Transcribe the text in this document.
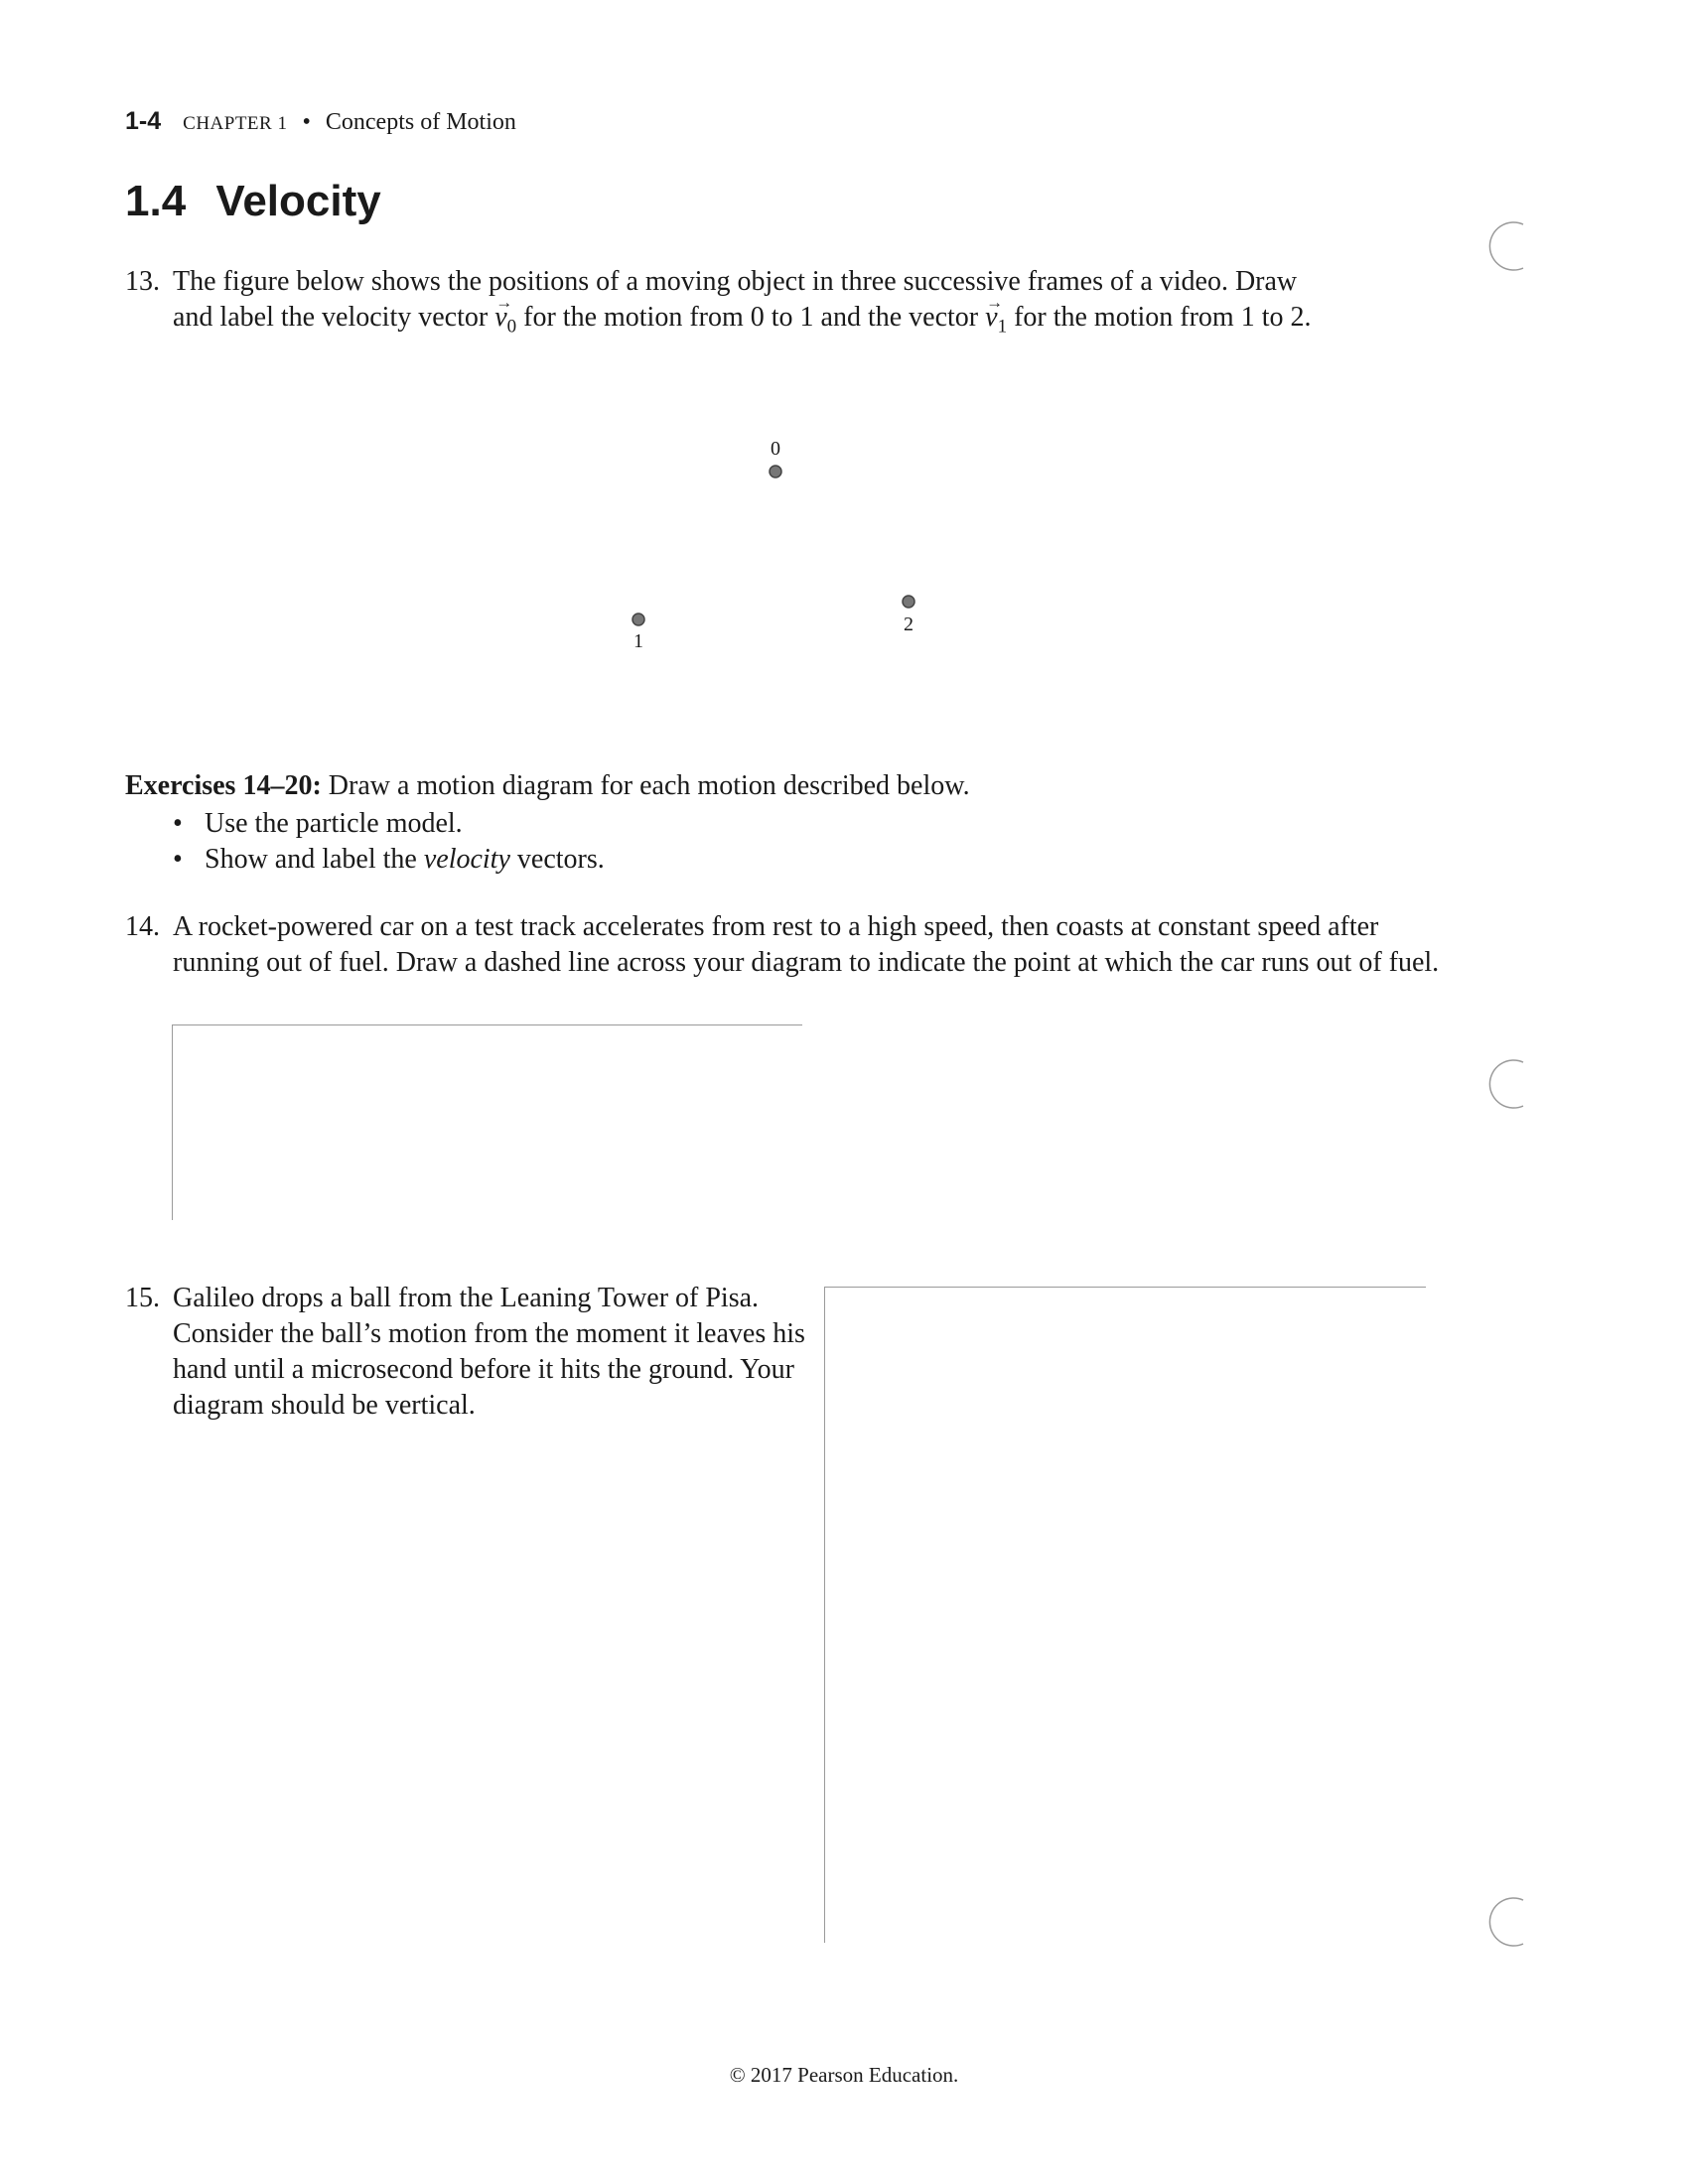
1-4 CHAPTER 1 • Concepts of Motion
1.4 Velocity
13. The figure below shows the positions of a moving object in three successive frames of a video. Draw
and label the velocity vector → $v_0$ for the motion from 0 to 1 and the vector → $v_1$ for the motion from 1 to 2.
0
1
2
Exercises 14–20: Draw a motion diagram for each motion described below.
• Use the particle model.
• Show and label the velocity vectors.
14. A rocket-powered car on a test track accelerates from rest to a high speed, then coasts at constant speed after running out of fuel. Draw a dashed line across your diagram to indicate the point at which the car runs out of fuel.
15. Galileo drops a ball from the Leaning Tower of Pisa. Consider the ball’s motion from the moment it leaves his hand until a microsecond before it hits the ground. Your diagram should be vertical.
© 2017 Pearson Education.
